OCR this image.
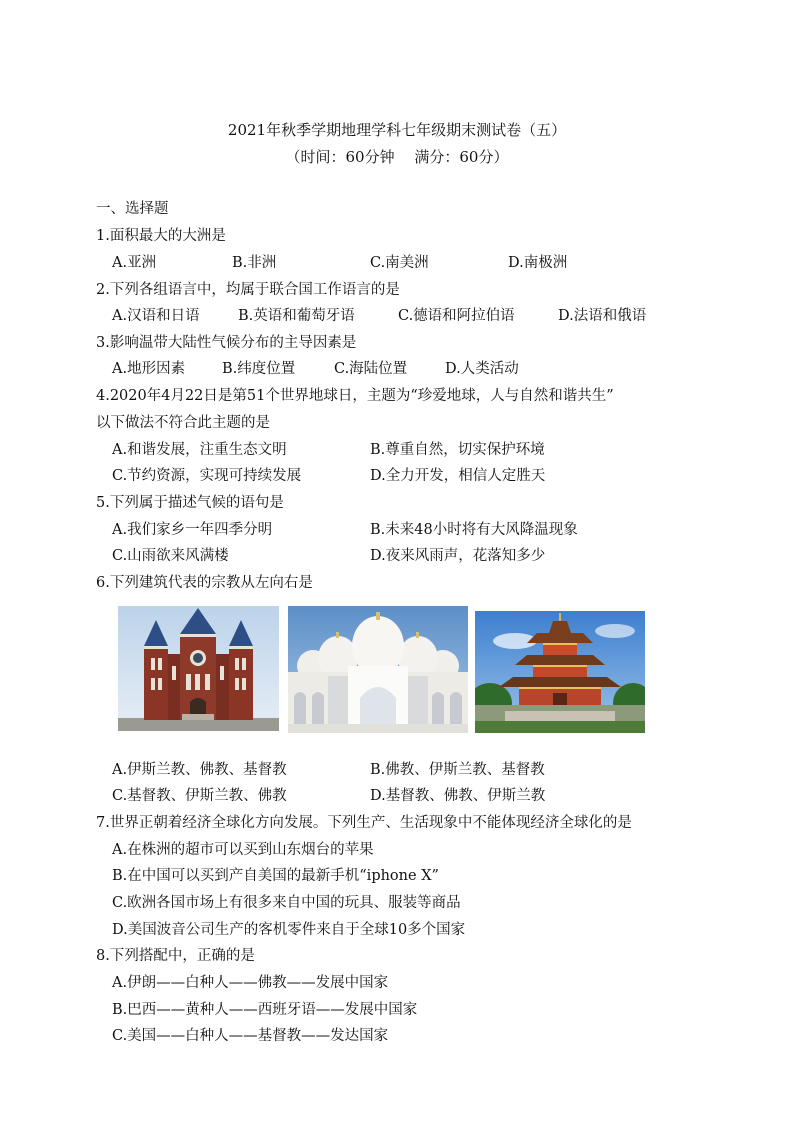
2021年秋季学期地理学科七年级期末测试卷（五）
（时间：60分钟　 满分：60分）
一、选择题
1.面积最大的大洲是
A.亚洲	B.非洲	C.南美洲	D.南极洲
2.下列各组语言中，均属于联合国工作语言的是
A.汉语和日语	B.英语和葡萄牙语	C.德语和阿拉伯语	D.法语和俄语
3.影响温带大陆性气候分布的主导因素是
A.地形因素	B.纬度位置	C.海陆位置	D.人类活动
4.2020年4月22日是第51个世界地球日，主题为“珍爱地球，人与自然和谐共生”
以下做法不符合此主题的是
A.和谐发展，注重生态文明	B.尊重自然，切实保护环境
C.节约资源，实现可持续发展	D.全力开发，相信人定胜天
5.下列属于描述气候的语句是
A.我们家乡一年四季分明	B.未来48小时将有大风降温现象
C.山雨欲来风满楼	D.夜来风雨声，花落知多少
6.下列建筑代表的宗教从左向右是
A.伊斯兰教、佛教、基督教	B.佛教、伊斯兰教、基督教
C.基督教、伊斯兰教、佛教	D.基督教、佛教、伊斯兰教
7.世界正朝着经济全球化方向发展。下列生产、生活现象中不能体现经济全球化的是
A.在株洲的超市可以买到山东烟台的苹果
B.在中国可以买到产自美国的最新手机“iphone X”
C.欧洲各国市场上有很多来自中国的玩具、服装等商品
D.美国波音公司生产的客机零件来自于全球10多个国家
8.下列搭配中，正确的是
A.伊朗——白种人——佛教——发展中国家
B.巴西——黄种人——西班牙语——发展中国家
C.美国——白种人——基督教——发达国家
